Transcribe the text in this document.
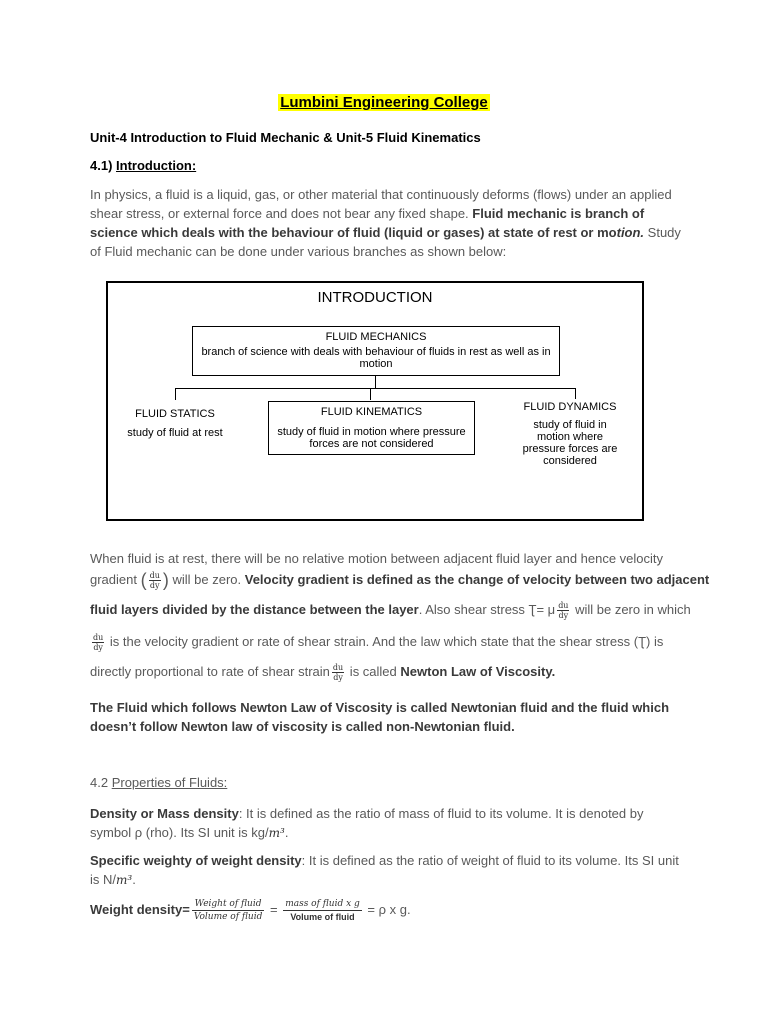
Lumbini Engineering College
Unit-4 Introduction to Fluid Mechanic & Unit-5 Fluid Kinematics
4.1) Introduction:
In physics, a fluid is a liquid, gas, or other material that continuously deforms (flows) under an applied shear stress, or external force and does not bear any fixed shape. Fluid mechanic is branch of science which deals with the behaviour of fluid (liquid or gases) at state of rest or motion. Study of Fluid mechanic can be done under various branches as shown below:
INTRODUCTION
FLUID MECHANICS
branch of science with deals with behaviour of fluids in rest as well as in motion
FLUID STATICS
study of fluid at rest
FLUID KINEMATICS
study of fluid in motion where pressure forces are not considered
FLUID DYNAMICS
study of fluid in motion where pressure forces are considered
When fluid is at rest, there will be no relative motion between adjacent fluid layer and hence velocity
gradient ( $\frac{du}{dy}$ ) will be zero. Velocity gradient is defined as the change of velocity between two adjacent
fluid layers divided by the distance between the layer. Also shear stress Ʈ= μ $\frac{du}{dy}$ will be zero in which
$\frac{du}{dy}$ is the velocity gradient or rate of shear strain. And the law which state that the shear stress (Ʈ) is
directly proportional to rate of shear strain $\frac{du}{dy}$ is called Newton Law of Viscosity.
The Fluid which follows Newton Law of Viscosity is called Newtonian fluid and the fluid which doesn’t follow Newton law of viscosity is called non-Newtonian fluid.
4.2 Properties of Fluids:
Density or Mass density: It is defined as the ratio of mass of fluid to its volume. It is denoted by symbol ρ (rho). Its SI unit is kg/m³.
Specific weighty of weight density: It is defined as the ratio of weight of fluid to its volume. Its SI unit is N/m³.
Weight density= $\frac{\text{Weight of fluid}}{\text{Volume of fluid}} = \frac{\text{mass of fluid x g}}{\text{Volume of fluid}} = \rho$ x g.
